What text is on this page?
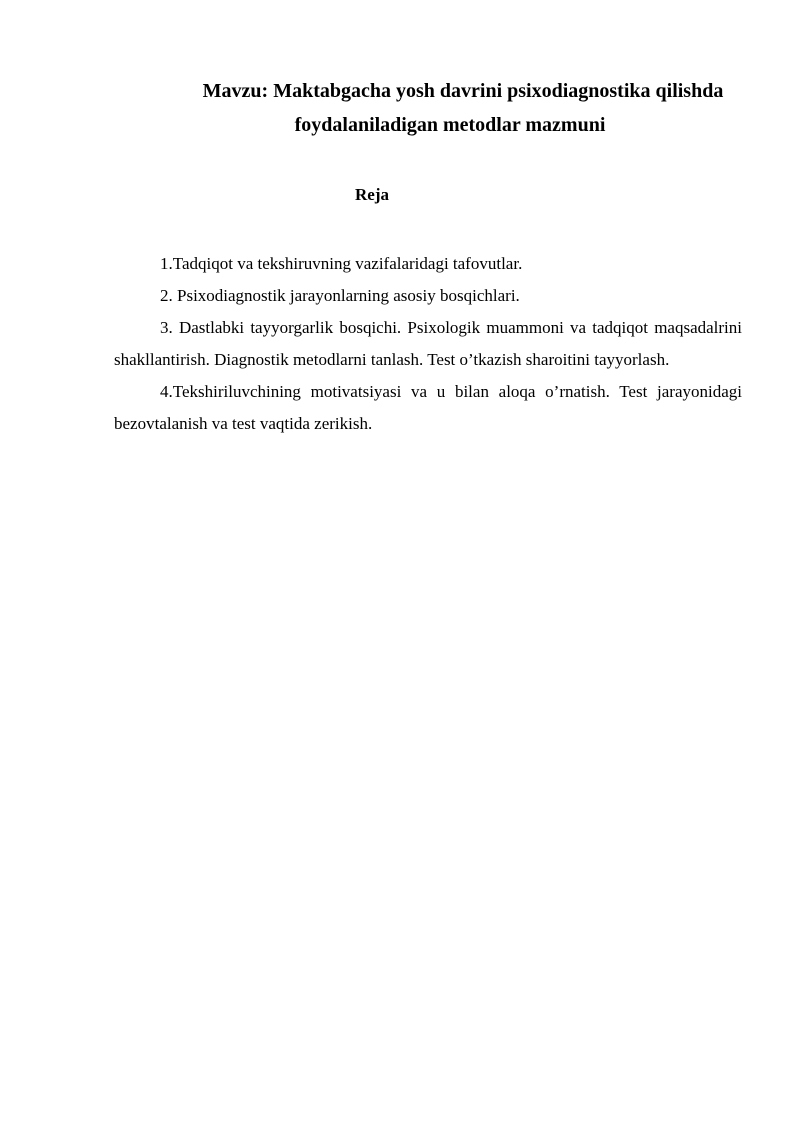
Mavzu: Maktabgacha yosh davrini psixodiagnostika qilishda
foydalaniladigan metodlar mazmuni
Reja

1.Tadqiqot va tekshiruvning vazifalaridagi tafovutlar.

2. Psixodiagnostik jarayonlarning asosiy bosqichlari.

3. Dastlabki tayyorgarlik bosqichi. Psixologik muammoni va tadqiqot maqsadalrini shakllantirish. Diagnostik metodlarni tanlash. Test o’tkazish sharoitini tayyorlash.

4.Tekshiriluvchining motivatsiyasi va u bilan aloqa o’rnatish. Test jarayonidagi bezovtalanish va test vaqtida zerikish.
